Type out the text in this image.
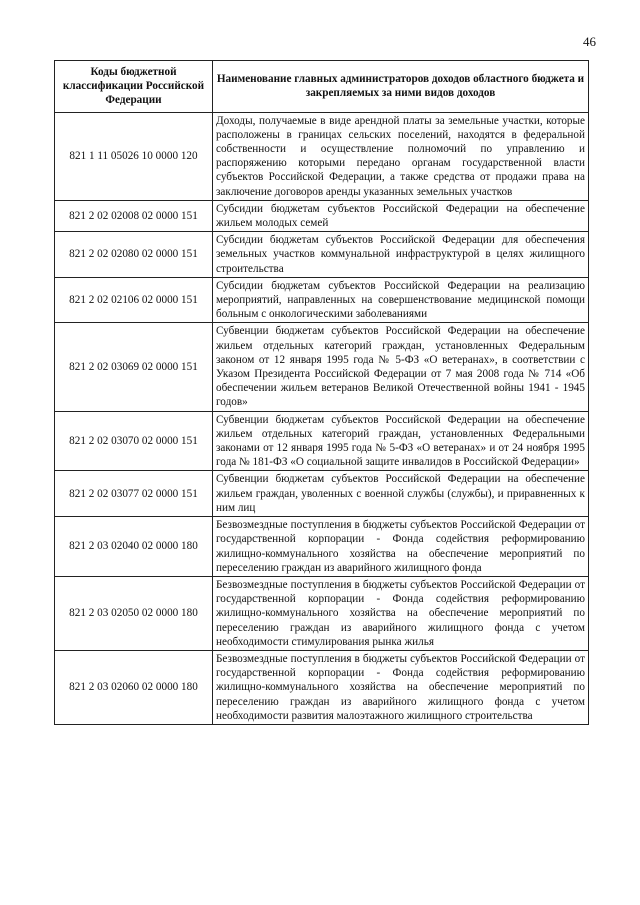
46
Коды бюджетной классификации Российской Федерации	Наименование главных администраторов доходов областного бюджета и закрепляемых за ними видов доходов
821 1 11 05026 10 0000 120	Доходы, получаемые в виде арендной платы за земельные участки, которые расположены в границах сельских поселений, находятся в федеральной собственности и осуществление полномочий по управлению и распоряжению которыми передано органам государственной власти субъектов Российской Федерации, а также средства от продажи права на заключение договоров аренды указанных земельных участков
821 2 02 02008 02 0000 151	Субсидии бюджетам субъектов Российской Федерации на обеспечение жильем молодых семей
821 2 02 02080 02 0000 151	Субсидии бюджетам субъектов Российской Федерации для обеспечения земельных участков коммунальной инфраструктурой в целях жилищного строительства
821 2 02 02106 02 0000 151	Субсидии бюджетам субъектов Российской Федерации на реализацию мероприятий, направленных на совершенствование медицинской помощи больным с онкологическими заболеваниями
821 2 02 03069 02 0000 151	Субвенции бюджетам субъектов Российской Федерации на обеспечение жильем отдельных категорий граждан, установленных Федеральным законом от 12 января 1995 года № 5-ФЗ «О ветеранах», в соответствии с Указом Президента Российской Федерации от 7 мая 2008 года № 714 «Об обеспечении жильем ветеранов Великой Отечественной войны 1941 - 1945 годов»
821 2 02 03070 02 0000 151	Субвенции бюджетам субъектов Российской Федерации на обеспечение жильем отдельных категорий граждан, установленных Федеральными законами от 12 января 1995 года № 5-ФЗ «О ветеранах» и от 24 ноября 1995 года № 181-ФЗ «О социальной защите инвалидов в Российской Федерации»
821 2 02 03077 02 0000 151	Субвенции бюджетам субъектов Российской Федерации на обеспечение жильем граждан, уволенных с военной службы (службы), и приравненных к ним лиц
821 2 03 02040 02 0000 180	Безвозмездные поступления в бюджеты субъектов Российской Федерации от государственной корпорации - Фонда содействия реформированию жилищно-коммунального хозяйства на обеспечение мероприятий по переселению граждан из аварийного жилищного фонда
821 2 03 02050 02 0000 180	Безвозмездные поступления в бюджеты субъектов Российской Федерации от государственной корпорации - Фонда содействия реформированию жилищно-коммунального хозяйства на обеспечение мероприятий по переселению граждан из аварийного жилищного фонда с учетом необходимости стимулирования рынка жилья
821 2 03 02060 02 0000 180	Безвозмездные поступления в бюджеты субъектов Российской Федерации от государственной корпорации - Фонда содействия реформированию жилищно-коммунального хозяйства на обеспечение мероприятий по переселению граждан из аварийного жилищного фонда с учетом необходимости развития малоэтажного жилищного строительства
